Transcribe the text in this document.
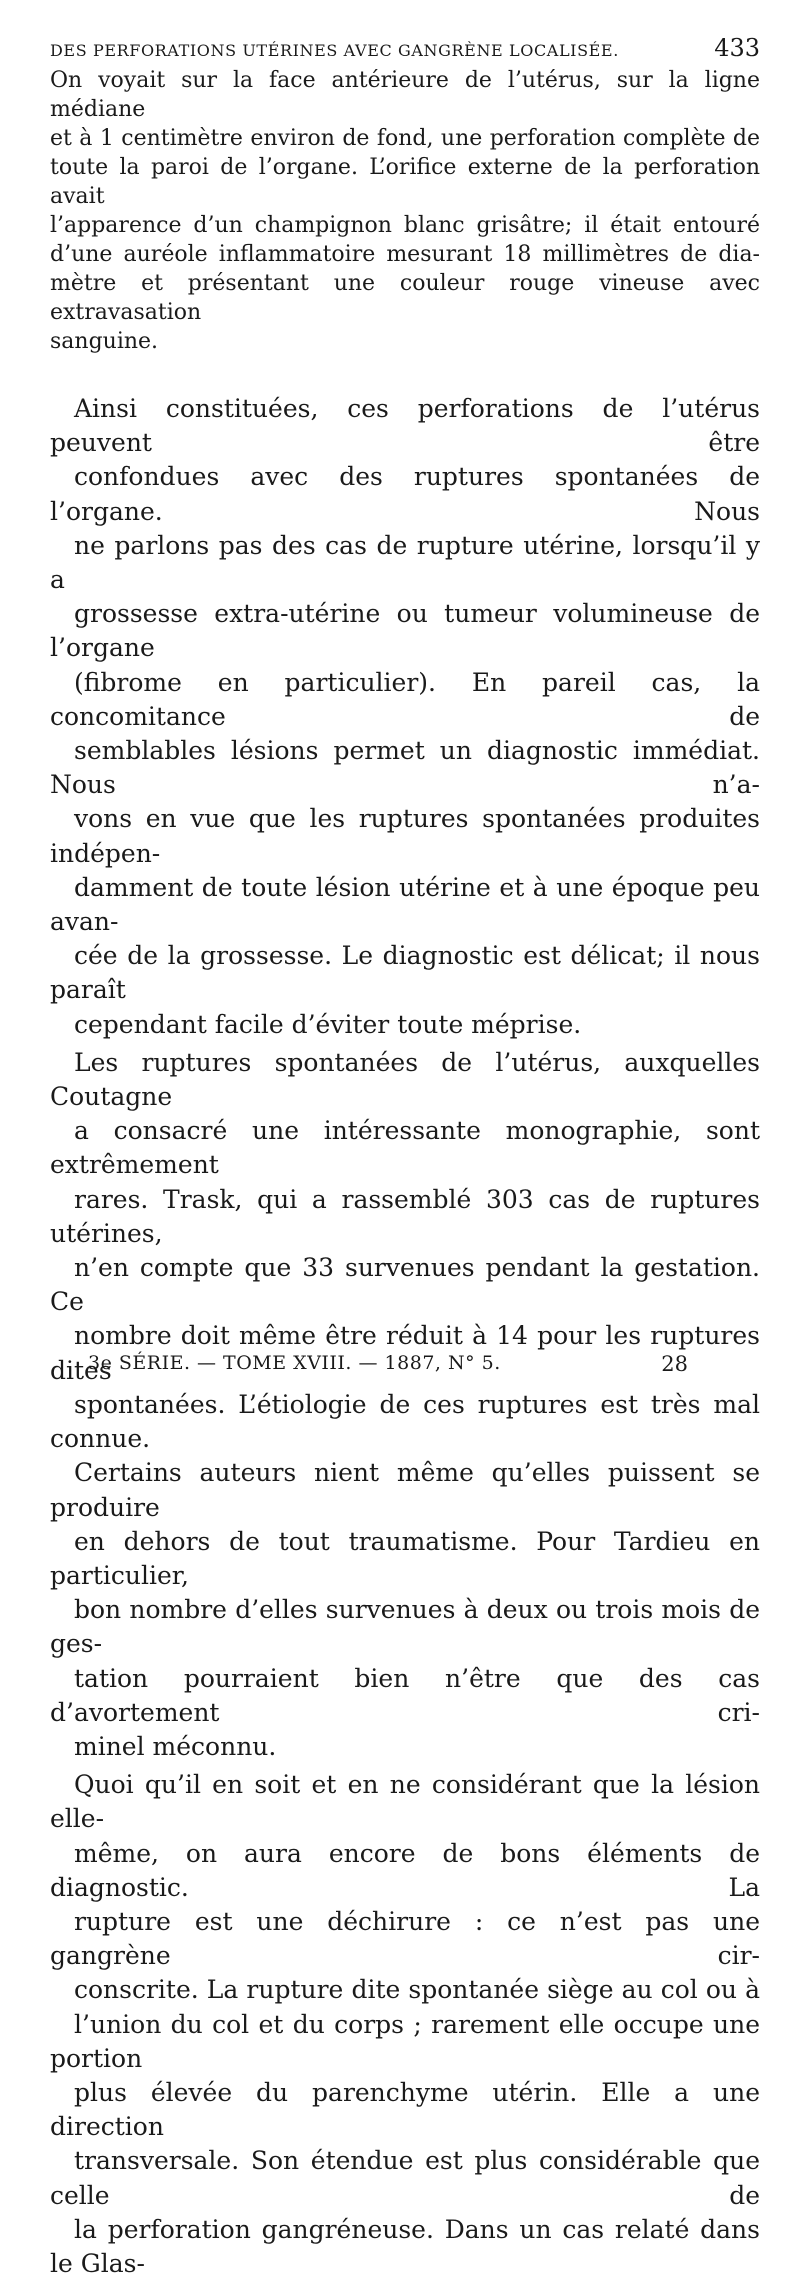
DES PERFORATIONS UTÉRINES AVEC GANGRÈNE LOCALISÉE.	433

On voyait sur la face antérieure de l’utérus, sur la ligne médiane
et à 1 centimètre environ de fond, une perforation complète de
toute la paroi de l’organe. L’orifice externe de la perforation avait
l’apparence d’un champignon blanc grisâtre; il était entouré
d’une auréole inflammatoire mesurant 18 millimètres de dia-
mètre et présentant une couleur rouge vineuse avec extravasation
sanguine.

Ainsi constituées, ces perforations de l’utérus peuvent être
confondues avec des ruptures spontanées de l’organe. Nous
ne parlons pas des cas de rupture utérine, lorsqu’il y a
grossesse extra-utérine ou tumeur volumineuse de l’organe
(fibrome en particulier). En pareil cas, la concomitance de
semblables lésions permet un diagnostic immédiat. Nous n’a-
vons en vue que les ruptures spontanées produites indépen-
damment de toute lésion utérine et à une époque peu avan-
cée de la grossesse. Le diagnostic est délicat; il nous paraît
cependant facile d’éviter toute méprise.

Les ruptures spontanées de l’utérus, auxquelles Coutagne
a consacré une intéressante monographie, sont extrêmement
rares. Trask, qui a rassemblé 303 cas de ruptures utérines,
n’en compte que 33 survenues pendant la gestation. Ce
nombre doit même être réduit à 14 pour les ruptures dites
spontanées. L’étiologie de ces ruptures est très mal connue.
Certains auteurs nient même qu’elles puissent se produire
en dehors de tout traumatisme. Pour Tardieu en particulier,
bon nombre d’elles survenues à deux ou trois mois de ges-
tation pourraient bien n’être que des cas d’avortement cri-
minel méconnu.

Quoi qu’il en soit et en ne considérant que la lésion elle-
même, on aura encore de bons éléments de diagnostic. La
rupture est une déchirure : ce n’est pas une gangrène cir-
conscrite. La rupture dite spontanée siège au col ou à
l’union du col et du corps ; rarement elle occupe une portion
plus élevée du parenchyme utérin. Elle a une direction
transversale. Son étendue est plus considérable que celle de
la perforation gangréneuse. Dans un cas relaté dans le Glas-

3e SÉRIE. — TOME XVIII. — 1887, N° 5.	28
